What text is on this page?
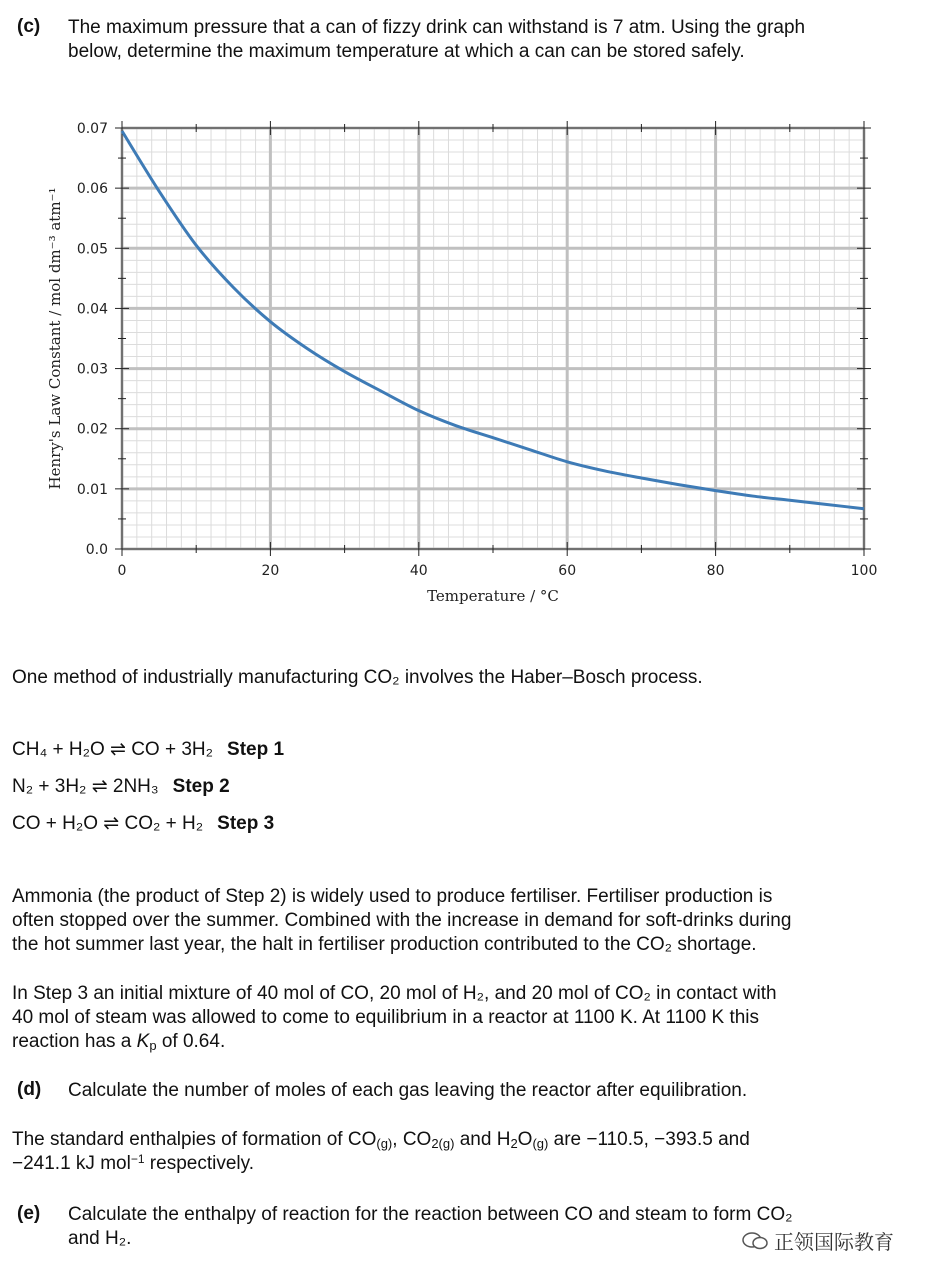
(c) The maximum pressure that a can of fizzy drink can withstand is 7 atm. Using the graph
below, determine the maximum temperature at which a can can be stored safely.
0	20	40	60	80	100
0.0
0.01
0.02
0.03
0.04
0.05
0.06
0.07
Temperature / °C
Henry's Law Constant / mol dm⁻³ atm⁻¹
One method of industrially manufacturing CO₂ involves the Haber–Bosch process.
CH₄ + H₂O ⇌ CO + 3H₂ Step 1
N₂ + 3H₂ ⇌ 2NH₃ Step 2
CO + H₂O ⇌ CO₂ + H₂ Step 3
Ammonia (the product of Step 2) is widely used to produce fertiliser. Fertiliser production is
often stopped over the summer. Combined with the increase in demand for soft-drinks during
the hot summer last year, the halt in fertiliser production contributed to the CO₂ shortage.
In Step 3 an initial mixture of 40 mol of CO, 20 mol of H₂, and 20 mol of CO₂ in contact with
40 mol of steam was allowed to come to equilibrium in a reactor at 1100 K. At 1100 K this
reaction has a $K_p$ of 0.64.
(d) Calculate the number of moles of each gas leaving the reactor after equilibration.
The standard enthalpies of formation of $CO_{(g)}$, $CO_{2(g)}$ and $H_2O_{(g)}$ are −110.5, −393.5 and
−241.1 kJ mol$^{-1}$ respectively.
(e) Calculate the enthalpy of reaction for the reaction between CO and steam to form CO₂
and H₂.	正领国际教育
